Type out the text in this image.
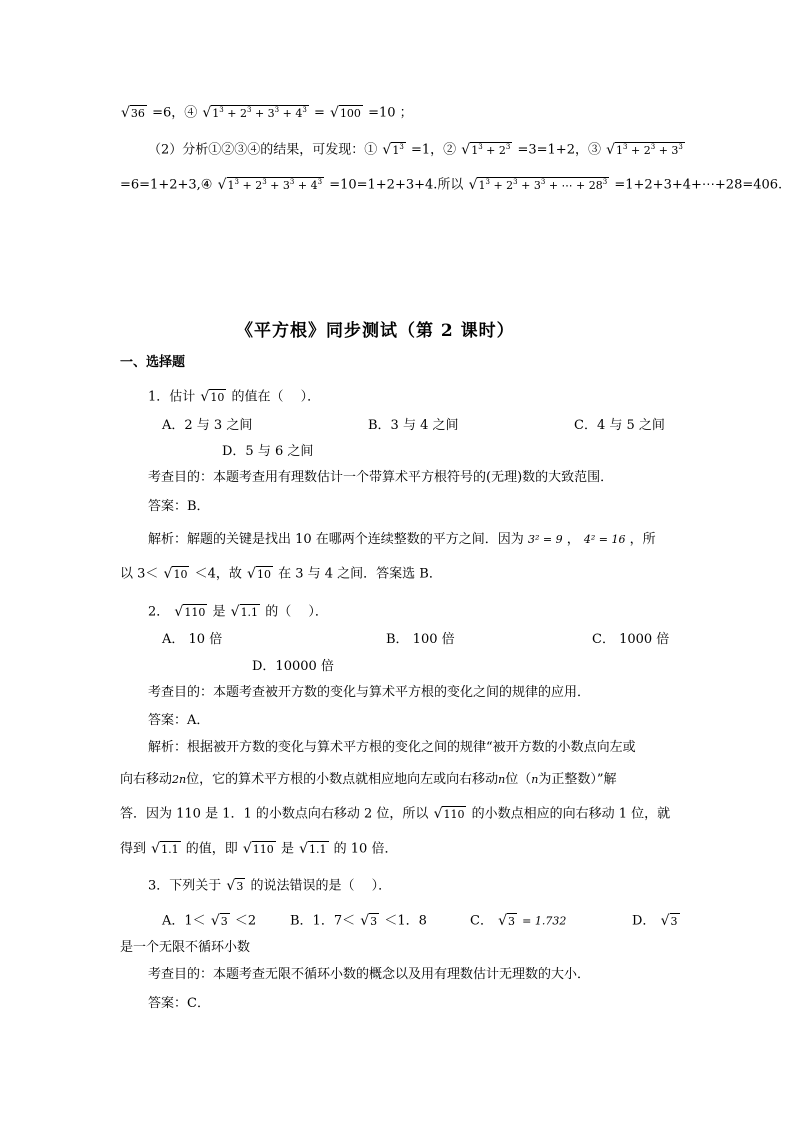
√36 =6，④ $√1^3 + 2^3 + 3^3 + 4^3 = √100 =10$ ；
（2）分析①②③④的结果，可发现：① $√1^3 =1$，② $√1^3 + 2^3 =3=1+2$，③ $√1^3 + 2^3 + 3^3$
=6=1+2+3,④ $√1^3 + 2^3 + 3^3 + 4^3 =10=1+2+3+4$.所以 $√1^3 + 2^3 + 3^3$ + ⋯ + $28^3$ =1+2+3+4+⋯+28=406.
《平方根》同步测试（第 2 课时）
一、选择题
1．估计 √10 的值在（　 ）．
A．2 与 3 之间	B．3 与 4 之间	C．4 与 5 之间
D．5 与 6 之间
考查目的：本题考查用有理数估计一个带算术平方根符号的(无理)数的大致范围．
答案：B．
解析：解题的关键是找出 10 在哪两个连续整数的平方之间．因为 3² = 9 ， 4² = 16 ，所
以 3＜ √10 ＜4，故 √10 在 3 与 4 之间．答案选 B．
2． √110 是 √1.1 的（　 ）．
A． 10 倍	B． 100 倍	C． 1000 倍
D．10000 倍
考查目的：本题考查被开方数的变化与算术平方根的变化之间的规律的应用．
答案：A．
解析：根据被开方数的变化与算术平方根的变化之间的规律“被开方数的小数点向左或
向右移动2n位，它的算术平方根的小数点就相应地向左或向右移动n位（n为正整数）”解
答．因为 110 是 1．1 的小数点向右移动 2 位，所以 √110 的小数点相应的向右移动 1 位，就
得到 √1.1 的值，即 √110 是 √1.1 的 10 倍．
3．下列关于 √3 的说法错误的是（　 ）．
A．1＜ √3 ＜2	B．1．7＜ √3 ＜1．8	C． √3 = 1.732	D． √3
是一个无限不循环小数
考查目的：本题考查无限不循环小数的概念以及用有理数估计无理数的大小．
答案：C．
